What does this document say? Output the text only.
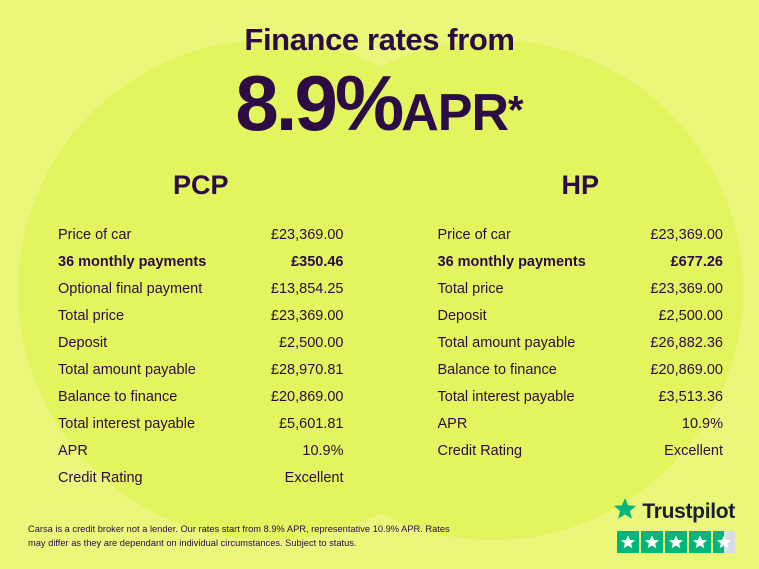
Finance rates from
8.9%APR*
PCP
Price of car	£23,369.00
36 monthly payments	£350.46
Optional final payment	£13,854.25
Total price	£23,369.00
Deposit	£2,500.00
Total amount payable	£28,970.81
Balance to finance	£20,869.00
Total interest payable	£5,601.81
APR	10.9%
Credit Rating	Excellent
HP
Price of car	£23,369.00
36 monthly payments	£677.26
Total price	£23,369.00
Deposit	£2,500.00
Total amount payable	£26,882.36
Balance to finance	£20,869.00
Total interest payable	£3,513.36
APR	10.9%
Credit Rating	Excellent
Carsa is a credit broker not a lender. Our rates start from 8.9% APR, representative 10.9% APR. Rates may differ as they are dependant on individual circumstances. Subject to status.
Trustpilot
